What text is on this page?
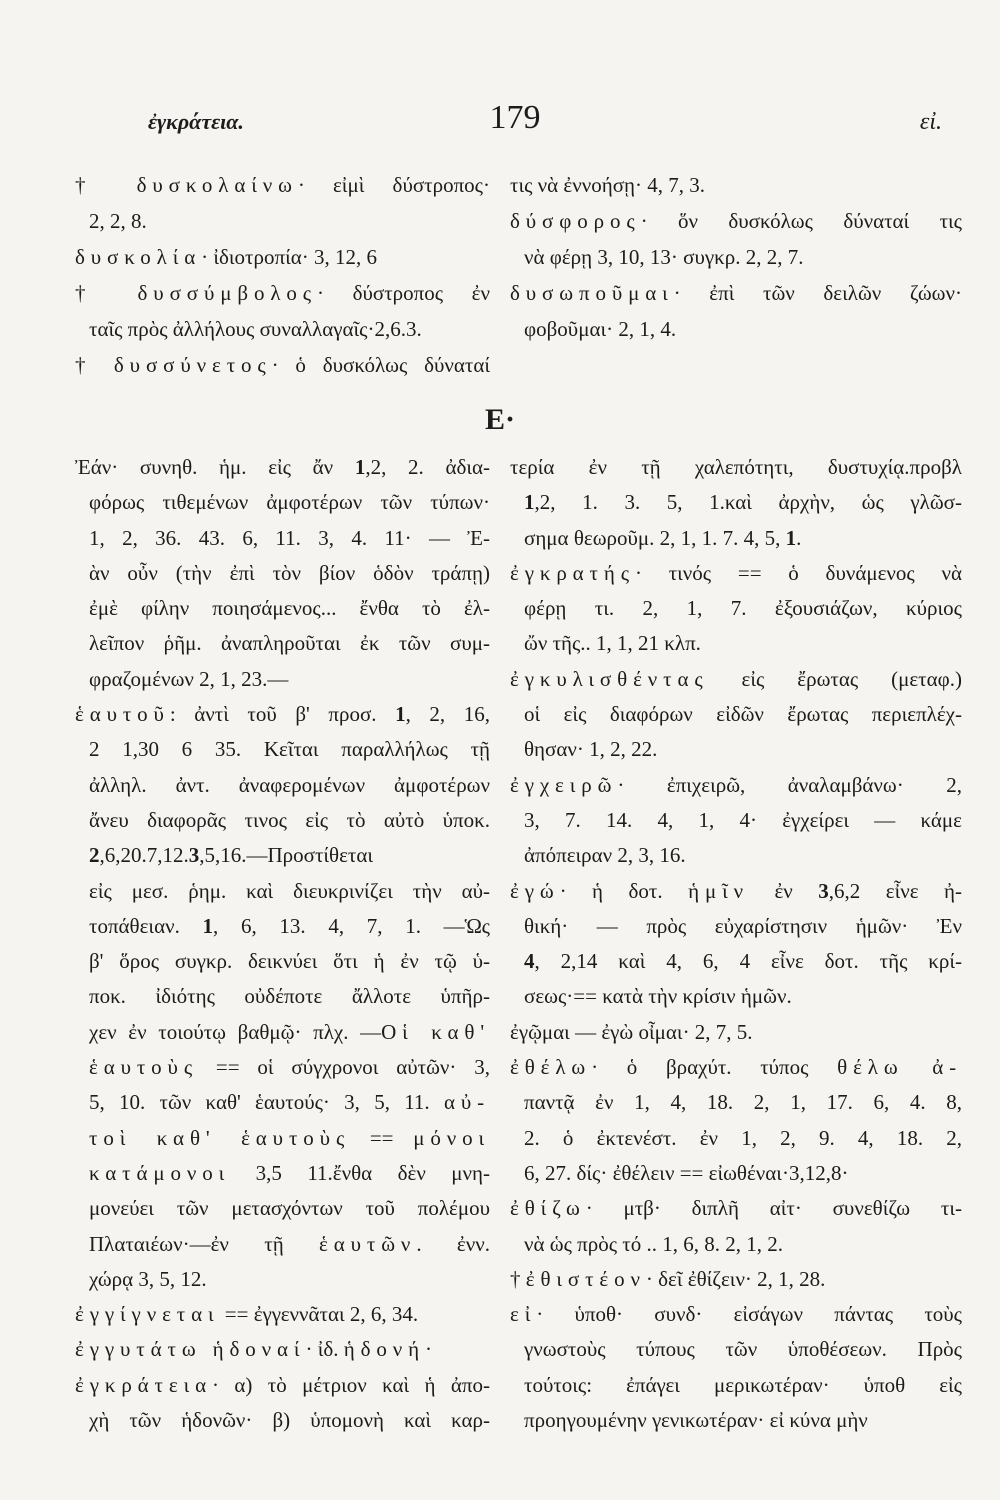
ἐγκράτεια.	179	εἰ.
† δυσκολαίνω· εἰμὶ δύστροπος·
2, 2, 8.
δυσκολία· ἰδιοτροπία· 3, 12, 6
† δυσσύμβολος· δύστροπος ἐν
ταῖς πρὸς ἀλλήλους συναλλαγαῖς·2,6.3.
† δυσσύνετος· ὁ δυσκόλως δύναταί
τις νὰ ἐννοήσῃ· 4, 7, 3.
δύσφορος· ὅν δυσκόλως δύναταί τις
νὰ φέρῃ 3, 10, 13· συγκρ. 2, 2, 7.
δυσωποῦμαι· ἐπὶ τῶν δειλῶν ζώων·
φοβοῦμαι· 2, 1, 4.
Ε·
Ἐάν· συνηθ. ἡμ. εἰς ἄν 1,2, 2. ἀδια-
φόρως τιθεμένων ἀμφοτέρων τῶν τύπων·
1, 2, 36. 43. 6, 11. 3, 4. 11· — Ἐ-
ὰν οὖν (τὴν ἐπὶ τὸν βίον ὁδὸν τράπῃ)
ἐμὲ φίλην ποιησάμενος... ἔνθα τὸ ἐλ-
λεῖπον ῥῆμ. ἀναπληροῦται ἐκ τῶν συμ-
φραζομένων 2, 1, 23.—
ἑαυτοῦ: ἀντὶ τοῦ β' προσ. 1, 2, 16,
2 1,30 6 35. Κεῖται παραλλήλως τῇ
ἀλληλ. ἀντ. ἀναφερομένων ἀμφοτέρων
ἄνευ διαφορᾶς τινος εἰς τὸ αὐτὸ ὑποκ.
2,6,20.7,12.3,5,16.—Προστίθεται
εἰς μεσ. ῥημ. καὶ διευκρινίζει τὴν αὐ-
τοπάθειαν. 1, 6, 13. 4, 7, 1. —Ὡς
β' ὅρος συγκρ. δεικνύει ὅτι ἡ ἐν τῷ ὑ-
ποκ. ἰδιότης οὐδέποτε ἄλλοτε ὑπῆρ-
χεν ἐν τοιούτῳ βαθμῷ· πλχ. —Οἱ καθ'
ἑαυτοὺς == οἱ σύγχρονοι αὐτῶν· 3,
5, 10. τῶν καθ' ἑαυτούς· 3, 5, 11. αὐ-
τοὶ καθ' ἑαυτοὺς == μόνοι
κατάμονοι 3,5 11.ἔνθα δὲν μνη-
μονεύει τῶν μετασχόντων τοῦ πολέμου
Πλαταιέων·—ἐν τῇ ἑαυτῶν. ἐνν.
χώρᾳ 3, 5, 12.
ἐγγίγνεται == ἐγγεννᾶται 2, 6, 34.
ἐγγυτάτω ἡδοναί· ἰδ. ἡδονή·
ἐγκράτεια· α) τὸ μέτριον καὶ ἡ ἀπο-
χὴ τῶν ἡδονῶν· β) ὑπομονὴ καὶ καρ-
τερία ἐν τῇ χαλεπότητι, δυστυχίᾳ.προβλ
1,2, 1. 3. 5, 1.καὶ ἀρχὴν, ὡς γλῶσ-
σημα θεωροῦμ. 2, 1, 1. 7. 4, 5, 1.
ἐγκρατής· τινός == ὁ δυνάμενος νὰ
φέρῃ τι. 2, 1, 7. ἐξουσιάζων, κύριος
ὤν τῆς.. 1, 1, 21 κλπ.
ἐγκυλισθέντας εἰς ἔρωτας (μεταφ.)
οἱ εἰς διαφόρων εἰδῶν ἔρωτας περιεπλέχ-
θησαν· 1, 2, 22.
ἐγχειρῶ· ἐπιχειρῶ, ἀναλαμβάνω· 2,
3, 7. 14. 4, 1, 4· ἐγχείρει — κάμε
ἀπόπειραν 2, 3, 16.
ἐγώ· ἡ δοτ. ἡμῖν ἐν 3,6,2 εἶνε ἠ-
θική· — πρὸς εὐχαρίστησιν ἡμῶν· Ἐν
4, 2,14 καὶ 4, 6, 4 εἶνε δοτ. τῆς κρί-
σεως·== κατὰ τὴν κρίσιν ἡμῶν.
ἐγῷμαι — ἐγὼ οἶμαι· 2, 7, 5.
ἐθέλω· ὁ βραχύτ. τύπος θέλω ἀ-
παντᾷ ἐν 1, 4, 18. 2, 1, 17. 6, 4. 8,
2. ὁ ἐκτενέστ. ἐν 1, 2, 9. 4, 18. 2,
6, 27. δίς· ἐθέλειν == εἰωθέναι·3,12,8·
ἐθίζω· μτβ· διπλῆ αἰτ· συνεθίζω τι-
νὰ ὡς πρὸς τό .. 1, 6, 8. 2, 1, 2.
† ἐθιστέον· δεῖ ἐθίζειν· 2, 1, 28.
εἰ· ὑποθ· συνδ· εἰσάγων πάντας τοὺς
γνωστοὺς τύπους τῶν ὑποθέσεων. Πρὸς
τούτοις: ἐπάγει μερικωτέραν· ὑποθ εἰς
προηγουμένην γενικωτέραν· εἰ κύνα μὴν
